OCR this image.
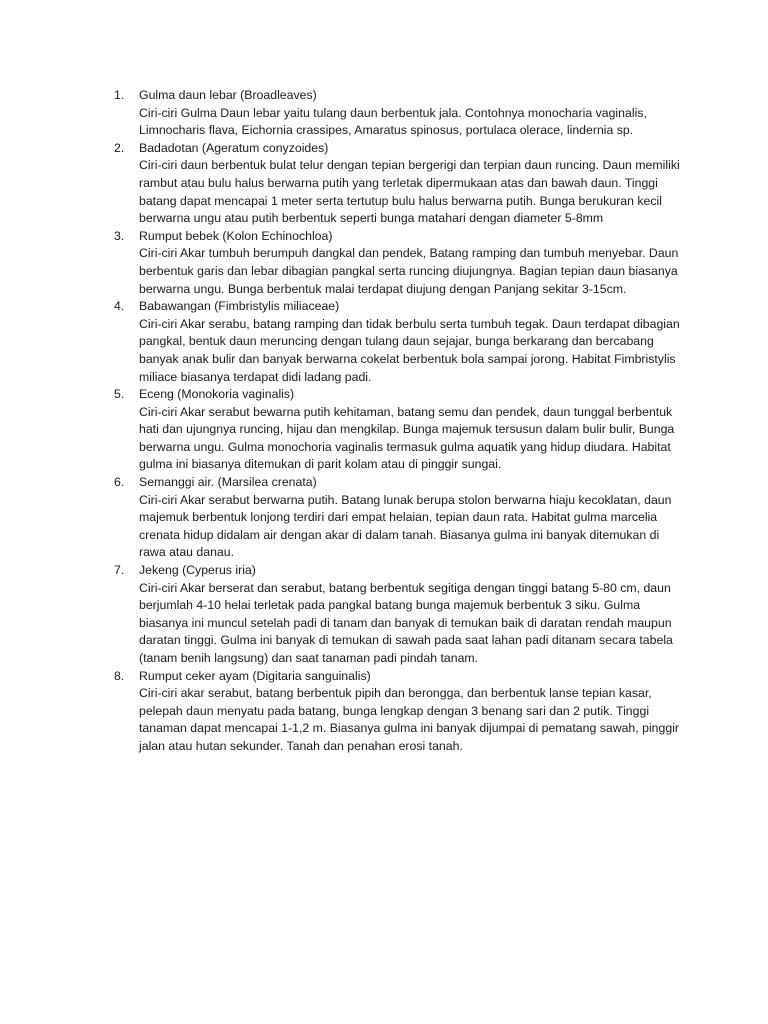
1. Gulma daun lebar (Broadleaves)
Ciri-ciri Gulma Daun lebar yaitu tulang daun berbentuk jala. Contohnya monocharia vaginalis, Limnocharis flava, Eichornia crassipes, Amaratus spinosus, portulaca olerace, lindernia sp.
2. Badadotan (Ageratum conyzoides)
Ciri-ciri daun berbentuk bulat telur dengan tepian bergerigi dan terpian daun runcing. Daun memiliki rambut atau bulu halus berwarna putih yang terletak dipermukaan atas dan bawah daun. Tinggi batang dapat mencapai 1 meter serta tertutup bulu halus berwarna putih. Bunga berukuran kecil berwarna ungu atau putih berbentuk seperti bunga matahari dengan diameter 5-8mm
3. Rumput bebek (Kolon Echinochloa)
Ciri-ciri Akar tumbuh berumpuh dangkal dan pendek, Batang ramping dan tumbuh menyebar. Daun berbentuk garis dan lebar dibagian pangkal serta runcing diujungnya. Bagian tepian daun biasanya berwarna ungu. Bunga berbentuk malai terdapat diujung dengan Panjang sekitar 3-15cm.
4. Babawangan (Fimbristylis miliaceae)
Ciri-ciri Akar serabu, batang ramping dan tidak berbulu serta tumbuh tegak. Daun terdapat dibagian pangkal, bentuk daun meruncing dengan tulang daun sejajar, bunga berkarang dan bercabang banyak anak bulir dan banyak berwarna cokelat berbentuk bola sampai jorong. Habitat Fimbristylis miliace biasanya terdapat didi ladang padi.
5. Eceng (Monokoria vaginalis)
Ciri-ciri Akar serabut bewarna putih kehitaman, batang semu dan pendek, daun tunggal berbentuk hati dan ujungnya runcing, hijau dan mengkilap. Bunga majemuk tersusun dalam bulir bulir, Bunga berwarna ungu. Gulma monochoria vaginalis termasuk gulma aquatik yang hidup diudara. Habitat gulma ini biasanya ditemukan di parit kolam atau di pinggir sungai.
6. Semanggi air. (Marsilea crenata)
Ciri-ciri Akar serabut berwarna putih. Batang lunak berupa stolon berwarna hiaju kecoklatan, daun majemuk berbentuk lonjong terdiri dari empat helaian, tepian daun rata. Habitat gulma marcelia crenata hidup didalam air dengan akar di dalam tanah. Biasanya gulma ini banyak ditemukan di rawa atau danau.
7. Jekeng (Cyperus iria)
Ciri-ciri Akar berserat dan serabut, batang berbentuk segitiga dengan tinggi batang 5-80 cm, daun berjumlah 4-10 helai terletak pada pangkal batang bunga majemuk berbentuk 3 siku. Gulma biasanya ini muncul setelah padi di tanam dan banyak di temukan baik di daratan rendah maupun daratan tinggi. Gulma ini banyak di temukan di sawah pada saat lahan padi ditanam secara tabela (tanam benih langsung) dan saat tanaman padi pindah tanam.
8. Rumput ceker ayam (Digitaria sanguinalis)
Ciri-ciri akar serabut, batang berbentuk pipih dan berongga, dan berbentuk lanse tepian kasar, pelepah daun menyatu pada batang, bunga lengkap dengan 3 benang sari dan 2 putik. Tinggi tanaman dapat mencapai 1-1,2 m. Biasanya gulma ini banyak dijumpai di pematang sawah, pinggir jalan atau hutan sekunder. Tanah dan penahan erosi tanah.
